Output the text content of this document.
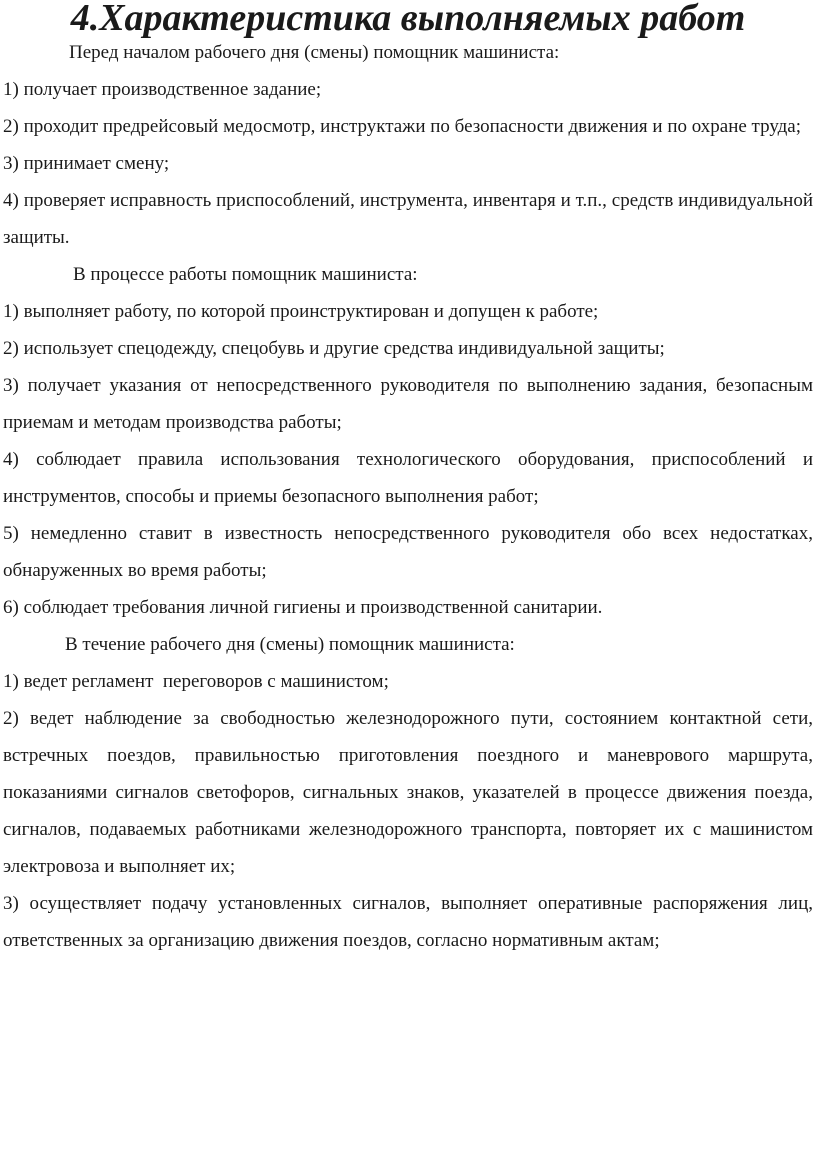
4.Характеристика выполняемых работ

Перед началом рабочего дня (смены) помощник машиниста:

1) получает производственное задание;

2) проходит предрейсовый медосмотр, инструктажи по безопасности движения и по охране труда;

3) принимает смену;

4) проверяет исправность приспособлений, инструмента, инвентаря и т.п., средств индивидуальной защиты.

В процессе работы помощник машиниста:

1) выполняет работу, по которой проинструктирован и допущен к работе;

2) использует спецодежду, спецобувь и другие средства индивидуальной защиты;

3) получает указания от непосредственного руководителя по выполнению задания, безопасным приемам и методам производства работы;

4) соблюдает правила использования технологического оборудования, приспособлений и инструментов, способы и приемы безопасного выполнения работ;

5) немедленно ставит в известность непосредственного руководителя обо всех недостатках, обнаруженных во время работы;

6) соблюдает требования личной гигиены и производственной санитарии.

В течение рабочего дня (смены) помощник машиниста:

1) ведет регламент  переговоров с машинистом;

2) ведет наблюдение за свободностью железнодорожного пути, состоянием контактной сети, встречных поездов, правильностью приготовления поездного и маневрового маршрута, показаниями сигналов светофоров, сигнальных знаков, указателей в процессе движения поезда, сигналов, подаваемых работниками железнодорожного транспорта, повторяет их с машинистом электровоза и выполняет их;

3) осуществляет подачу установленных сигналов, выполняет оперативные распоряжения лиц, ответственных за организацию движения поездов, согласно нормативным актам;
